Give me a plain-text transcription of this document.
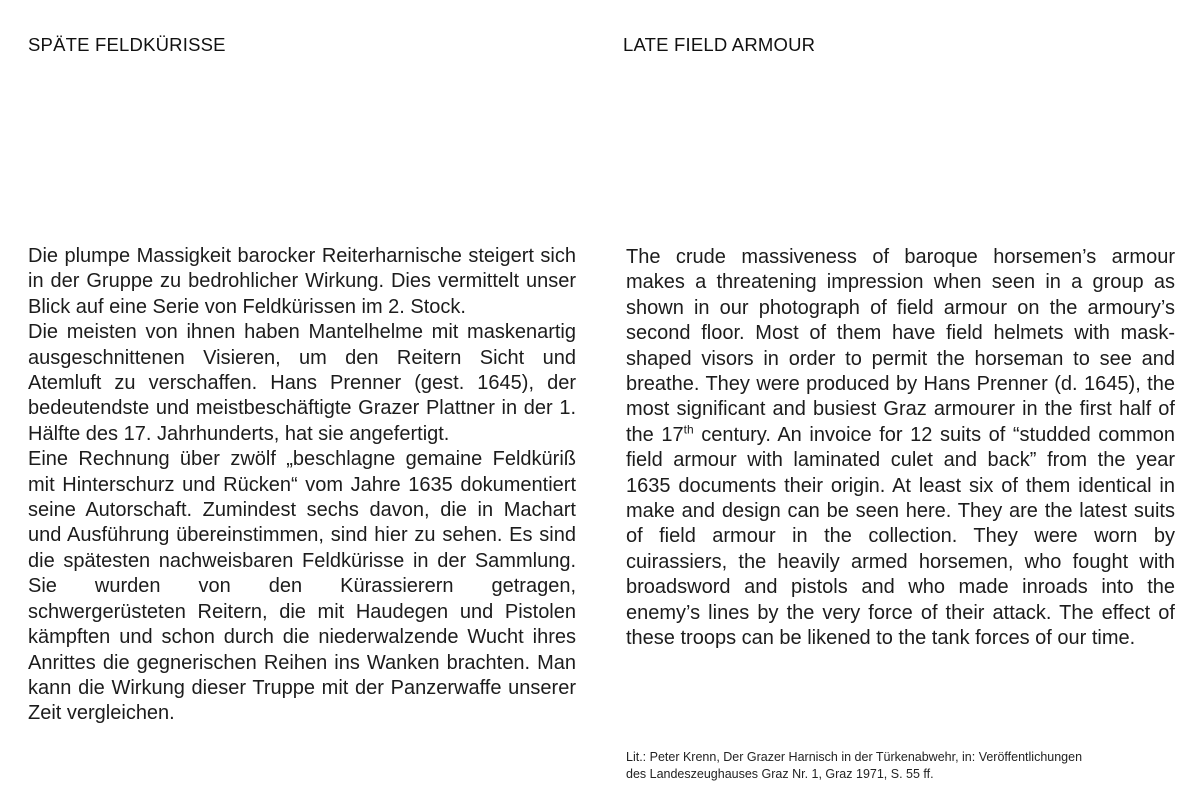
SPÄTE FELDKÜRISSE	LATE FIELD ARMOUR

Die plumpe Massigkeit barocker Reiterharnische steigert sich in der Gruppe zu bedrohlicher Wirkung. Dies vermittelt unser Blick auf eine Serie von Feldkürissen im 2. Stock.

Die meisten von ihnen haben Mantelhelme mit maskenartig ausgeschnittenen Visieren, um den Reitern Sicht und Atemluft zu verschaffen. Hans Prenner (gest. 1645), der bedeutendste und meistbeschäftigte Grazer Plattner in der 1. Hälfte des 17. Jahrhunderts, hat sie angefertigt.

Eine Rechnung über zwölf „beschlagne gemaine Feldküriß mit Hinterschurz und Rücken“ vom Jahre 1635 dokumentiert seine Autorschaft. Zumindest sechs davon, die in Machart und Ausführung übereinstimmen, sind hier zu sehen. Es sind die spätesten nachweisbaren Feldkürisse in der Sammlung. Sie wurden von den Kürassierern getragen, schwergerüsteten Reitern, die mit Haudegen und Pistolen kämpften und schon durch die niederwalzende Wucht ihres Anrittes die gegnerischen Reihen ins Wanken brachten. Man kann die Wirkung dieser Truppe mit der Panzerwaffe unserer Zeit vergleichen.

The crude massiveness of baroque horsemen’s armour makes a threatening impression when seen in a group as shown in our photograph of field armour on the armoury’s second floor. Most of them have field helmets with mask-shaped visors in order to permit the horseman to see and breathe. They were produced by Hans Prenner (d. 1645), the most significant and busiest Graz armourer in the first half of the 17th century. An invoice for 12 suits of “studded common field armour with laminated culet and back” from the year 1635 documents their origin. At least six of them identical in make and design can be seen here. They are the latest suits of field armour in the collection. They were worn by cuirassiers, the heavily armed horsemen, who fought with broadsword and pistols and who made inroads into the enemy’s lines by the very force of their attack. The effect of these troops can be likened to the tank forces of our time.

Lit.: Peter Krenn, Der Grazer Harnisch in der Türkenabwehr, in: Veröffentlichungen
des Landeszeughauses Graz Nr. 1, Graz 1971, S. 55 ff.
